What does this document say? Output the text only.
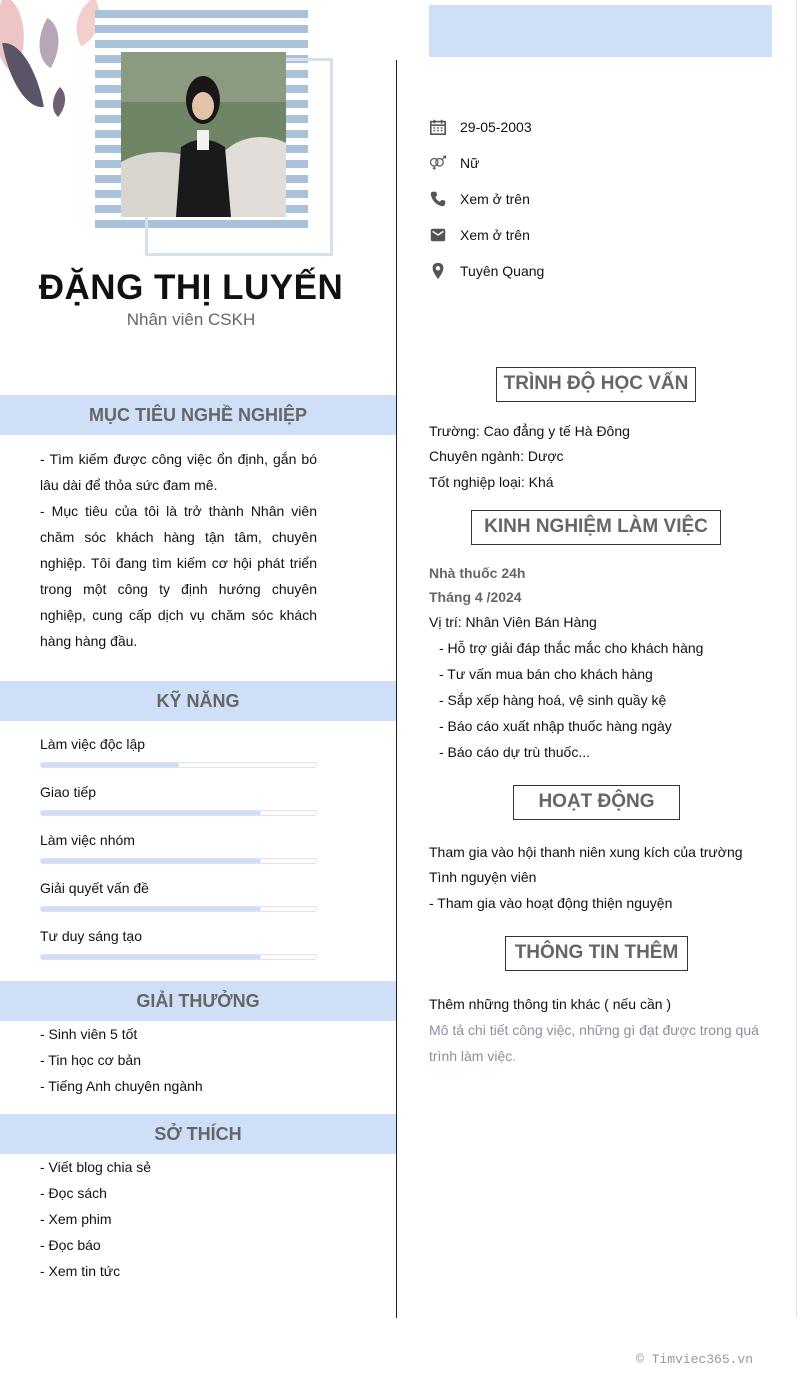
ĐẶNG THỊ LUYẾN
Nhân viên CSKH
MỤC TIÊU NGHỀ NGHIỆP
- Tìm kiếm được công việc ổn định, gắn bó lâu dài để thỏa sức đam mê.
- Mục tiêu của tôi là trở thành Nhân viên chăm sóc khách hàng tận tâm, chuyên nghiệp. Tôi đang tìm kiếm cơ hội phát triển trong một công ty định hướng chuyên nghiệp, cung cấp dịch vụ chăm sóc khách hàng hàng đầu.
KỸ NĂNG
Làm việc độc lập
Giao tiếp
Làm việc nhóm
Giải quyết vấn đề
Tư duy sáng tạo
GIẢI THƯỞNG
- Sinh viên 5 tốt
- Tin học cơ bản
- Tiếng Anh chuyên ngành
SỞ THÍCH
- Viết blog chia sẻ
- Đọc sách
- Xem phim
- Đọc báo
- Xem tin tức
29-05-2003
Nữ
Xem ở trên
Xem ở trên
Tuyên Quang
TRÌNH ĐỘ HỌC VẤN
Trường: Cao đẳng y tế Hà Đông
Chuyên ngành: Dược
Tốt nghiệp loại: Khá
KINH NGHIỆM LÀM VIỆC
Nhà thuốc 24h
Tháng 4 /2024
Vị trí: Nhân Viên Bán Hàng
- Hỗ trợ giải đáp thắc mắc cho khách hàng
- Tư vấn mua bán cho khách hàng
- Sắp xếp hàng hoá, vệ sinh quầy kệ
- Báo cáo xuất nhập thuốc hàng ngày
- Báo cáo dự trù thuốc...
HOẠT ĐỘNG
Tham gia vào hội thanh niên xung kích của trường
Tình nguyện viên
- Tham gia vào hoạt động thiện nguyện
THÔNG TIN THÊM
Thêm những thông tin khác ( nếu cần )
Mô tả chi tiết công việc, những gì đạt được trong quá trình làm việc.
© Timviec365.vn
